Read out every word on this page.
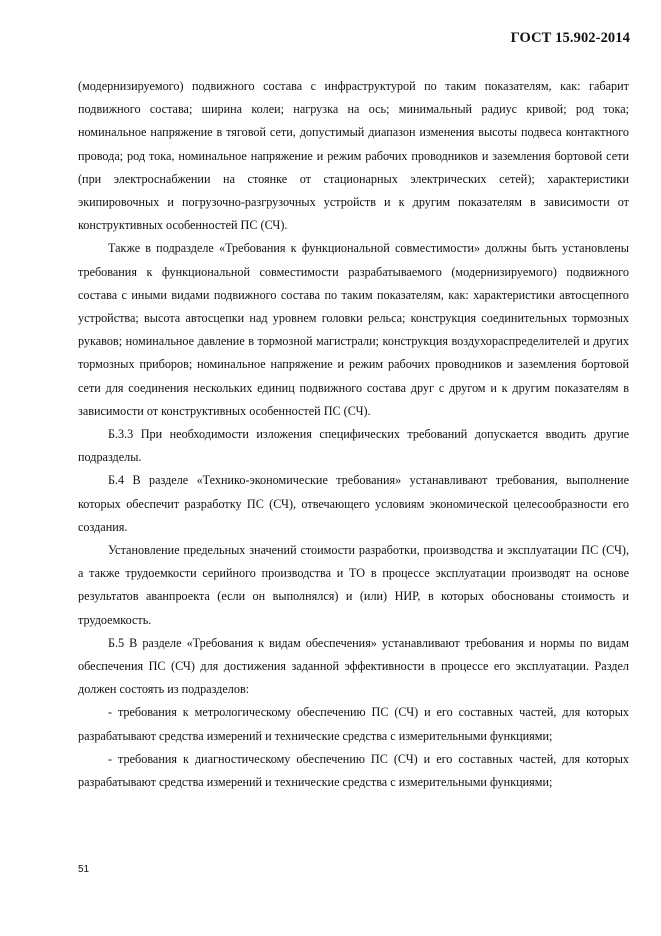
ГОСТ 15.902-2014

(модернизируемого) подвижного состава с инфраструктурой по таким показателям, как: габарит подвижного состава; ширина колеи; нагрузка на ось; минимальный радиус кривой; род тока; номинальное напряжение в тяговой сети, допустимый диапазон изменения высоты подвеса контактного провода; род тока, номинальное напряжение и режим рабочих проводников и заземления бортовой сети (при электроснабжении на стоянке от стационарных электрических сетей); характеристики экипировочных и погрузочно-разгрузочных устройств и к другим показателям в зависимости от конструктивных особенностей ПС (СЧ).

Также в подразделе «Требования к функциональной совместимости» должны быть установлены требования к функциональной совместимости разрабатываемого (модернизируемого) подвижного состава с иными видами подвижного состава по таким показателям, как: характеристики автосцепного устройства; высота автосцепки над уровнем головки рельса; конструкция соединительных тормозных рукавов; номинальное давление в тормозной магистрали; конструкция воздухораспределителей и других тормозных приборов; номинальное напряжение и режим рабочих проводников и заземления бортовой сети для соединения нескольких единиц подвижного состава друг с другом и к другим показателям в зависимости от конструктивных особенностей ПС (СЧ).

Б.3.3 При необходимости изложения специфических требований допускается вводить другие подразделы.

Б.4 В разделе «Технико-экономические требования» устанавливают требования, выполнение которых обеспечит разработку ПС (СЧ), отвечающего условиям экономической целесообразности его создания.

Установление предельных значений стоимости разработки, производства и эксплуатации ПС (СЧ), а также трудоемкости серийного производства и ТО в процессе эксплуатации производят на основе результатов аванпроекта (если он выполнялся) и (или) НИР, в которых обоснованы стоимость и трудоемкость.

Б.5 В разделе «Требования к видам обеспечения» устанавливают требования и нормы по видам обеспечения ПС (СЧ) для достижения заданной эффективности в процессе его эксплуатации. Раздел должен состоять из подразделов:

- требования к метрологическому обеспечению ПС (СЧ) и его составных частей, для которых разрабатывают средства измерений и технические средства с измерительными функциями;

- требования к диагностическому обеспечению ПС (СЧ) и его составных частей, для которых разрабатывают средства измерений и технические средства с измерительными функциями;

51
